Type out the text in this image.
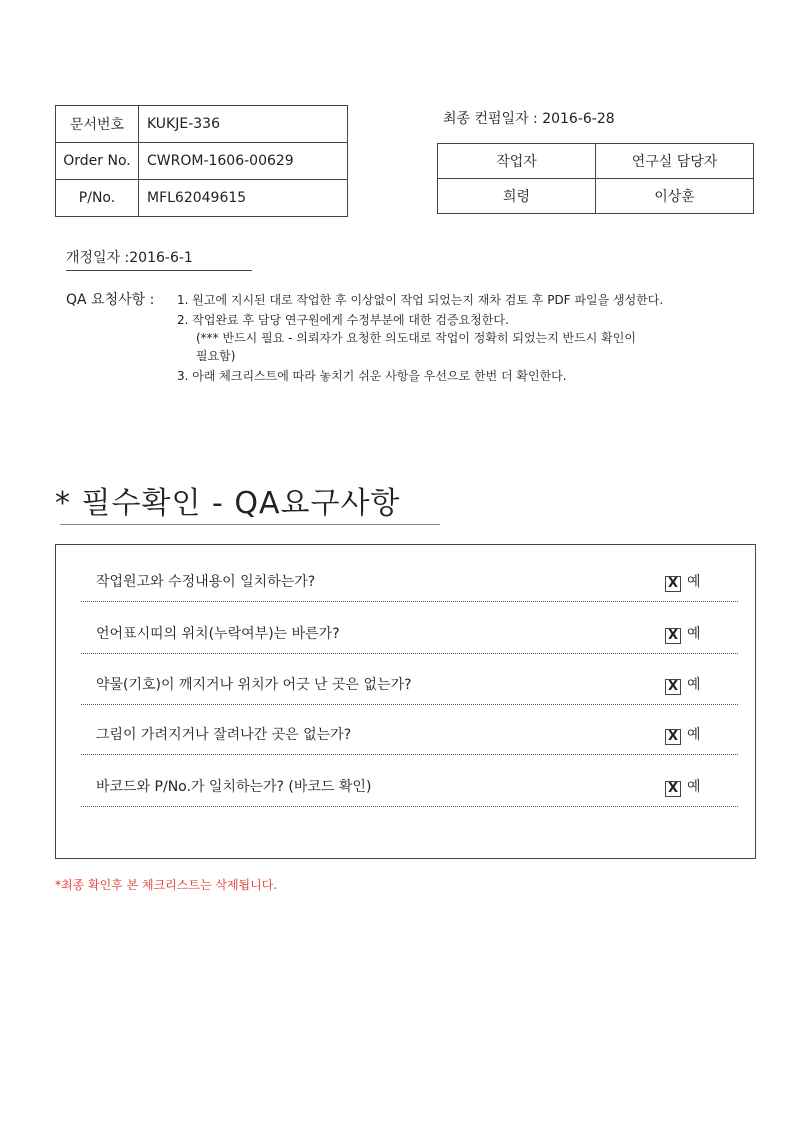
문서번호	KUKJE-336
Order No.	CWROM-1606-00629
P/No.	MFL62049615
최종 컨펌일자 : 2016-6-28
작업자	연구실 담당자
희령	이상훈
개정일자 :2016-6-1
QA 요청사항 : 1. 원고에 지시된 대로 작업한 후 이상없이 작업 되었는지 재차 검토 후 PDF 파일을 생성한다.
2. 작업완료 후 담당 연구원에게 수정부분에 대한 검증요청한다.
(*** 반드시 필요 - 의뢰자가 요청한 의도대로 작업이 정확히 되었는지 반드시 확인이
필요함)
3. 아래 체크리스트에 따라 놓치기 쉬운 사항을 우선으로 한번 더 확인한다.
* 필수확인 - QA요구사항
작업원고와 수정내용이 일치하는가?	X 예
언어표시띠의 위치(누락여부)는 바른가?	X 예
약물(기호)이 깨지거나 위치가 어긋 난 곳은 없는가?	X 예
그림이 가려지거나 잘려나간 곳은 없는가?	X 예
바코드와 P/No.가 일치하는가? (바코드 확인)	X 예
*최종 확인후 본 체크리스트는 삭제됩니다.
